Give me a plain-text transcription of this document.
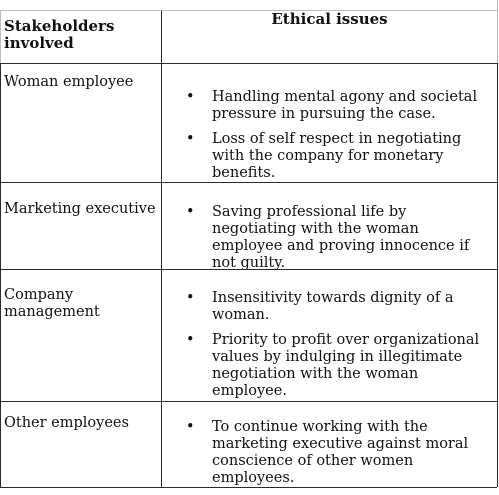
Stakeholders involved
Ethical issues
Woman employee
• Handling mental agony and societal pressure in pursuing the case.
• Loss of self respect in negotiating with the company for monetary benefits.
Marketing executive • Saving professional life by negotiating with the woman employee and proving innocence if not guilty.
Company management
• Insensitivity towards dignity of a woman.
• Priority to profit over organizational values by indulging in illegitimate negotiation with the woman employee.
Other employees	• To continue working with the marketing executive against moral conscience of other women employees.
